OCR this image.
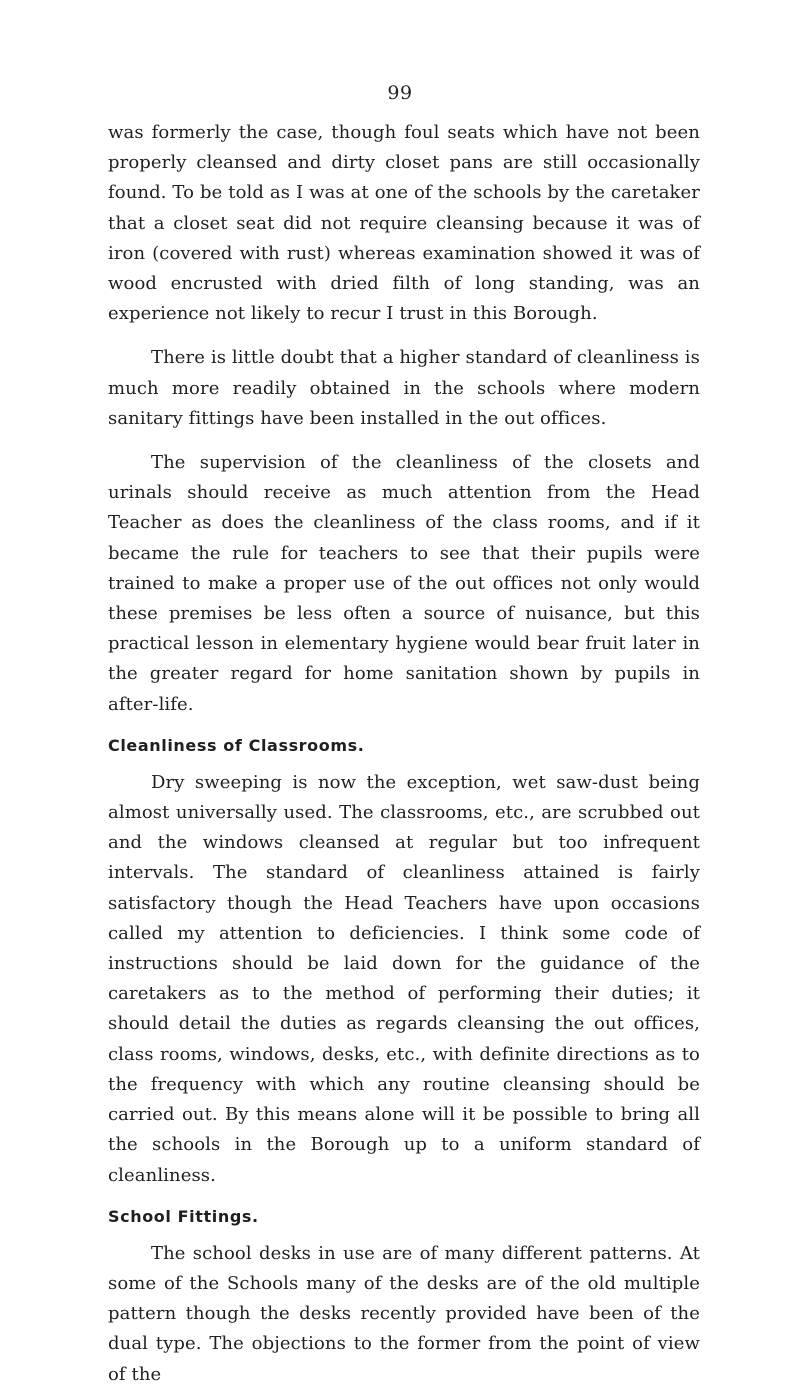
99

was formerly the case, though foul seats which have not been properly cleansed and dirty closet pans are still occasionally found. To be told as I was at one of the schools by the caretaker that a closet seat did not require cleansing because it was of iron (covered with rust) whereas examination showed it was of wood encrusted with dried filth of long standing, was an experience not likely to recur I trust in this Borough.

There is little doubt that a higher standard of cleanliness is much more readily obtained in the schools where modern sanitary fittings have been installed in the out offices.

The supervision of the cleanliness of the closets and urinals should receive as much attention from the Head Teacher as does the cleanliness of the class rooms, and if it became the rule for teachers to see that their pupils were trained to make a proper use of the out offices not only would these premises be less often a source of nuisance, but this practical lesson in elementary hygiene would bear fruit later in the greater regard for home sanitation shown by pupils in after-life.

Cleanliness of Classrooms.

Dry sweeping is now the exception, wet saw-dust being almost universally used. The classrooms, etc., are scrubbed out and the windows cleansed at regular but too infrequent intervals. The standard of cleanliness attained is fairly satisfactory though the Head Teachers have upon occasions called my attention to deficiencies. I think some code of instructions should be laid down for the guidance of the caretakers as to the method of performing their duties; it should detail the duties as regards cleansing the out offices, class rooms, windows, desks, etc., with definite directions as to the frequency with which any routine cleansing should be carried out. By this means alone will it be possible to bring all the schools in the Borough up to a uniform standard of cleanliness.

School Fittings.

The school desks in use are of many different patterns. At some of the Schools many of the desks are of the old multiple pattern though the desks recently provided have been of the dual type. The objections to the former from the point of view of the
